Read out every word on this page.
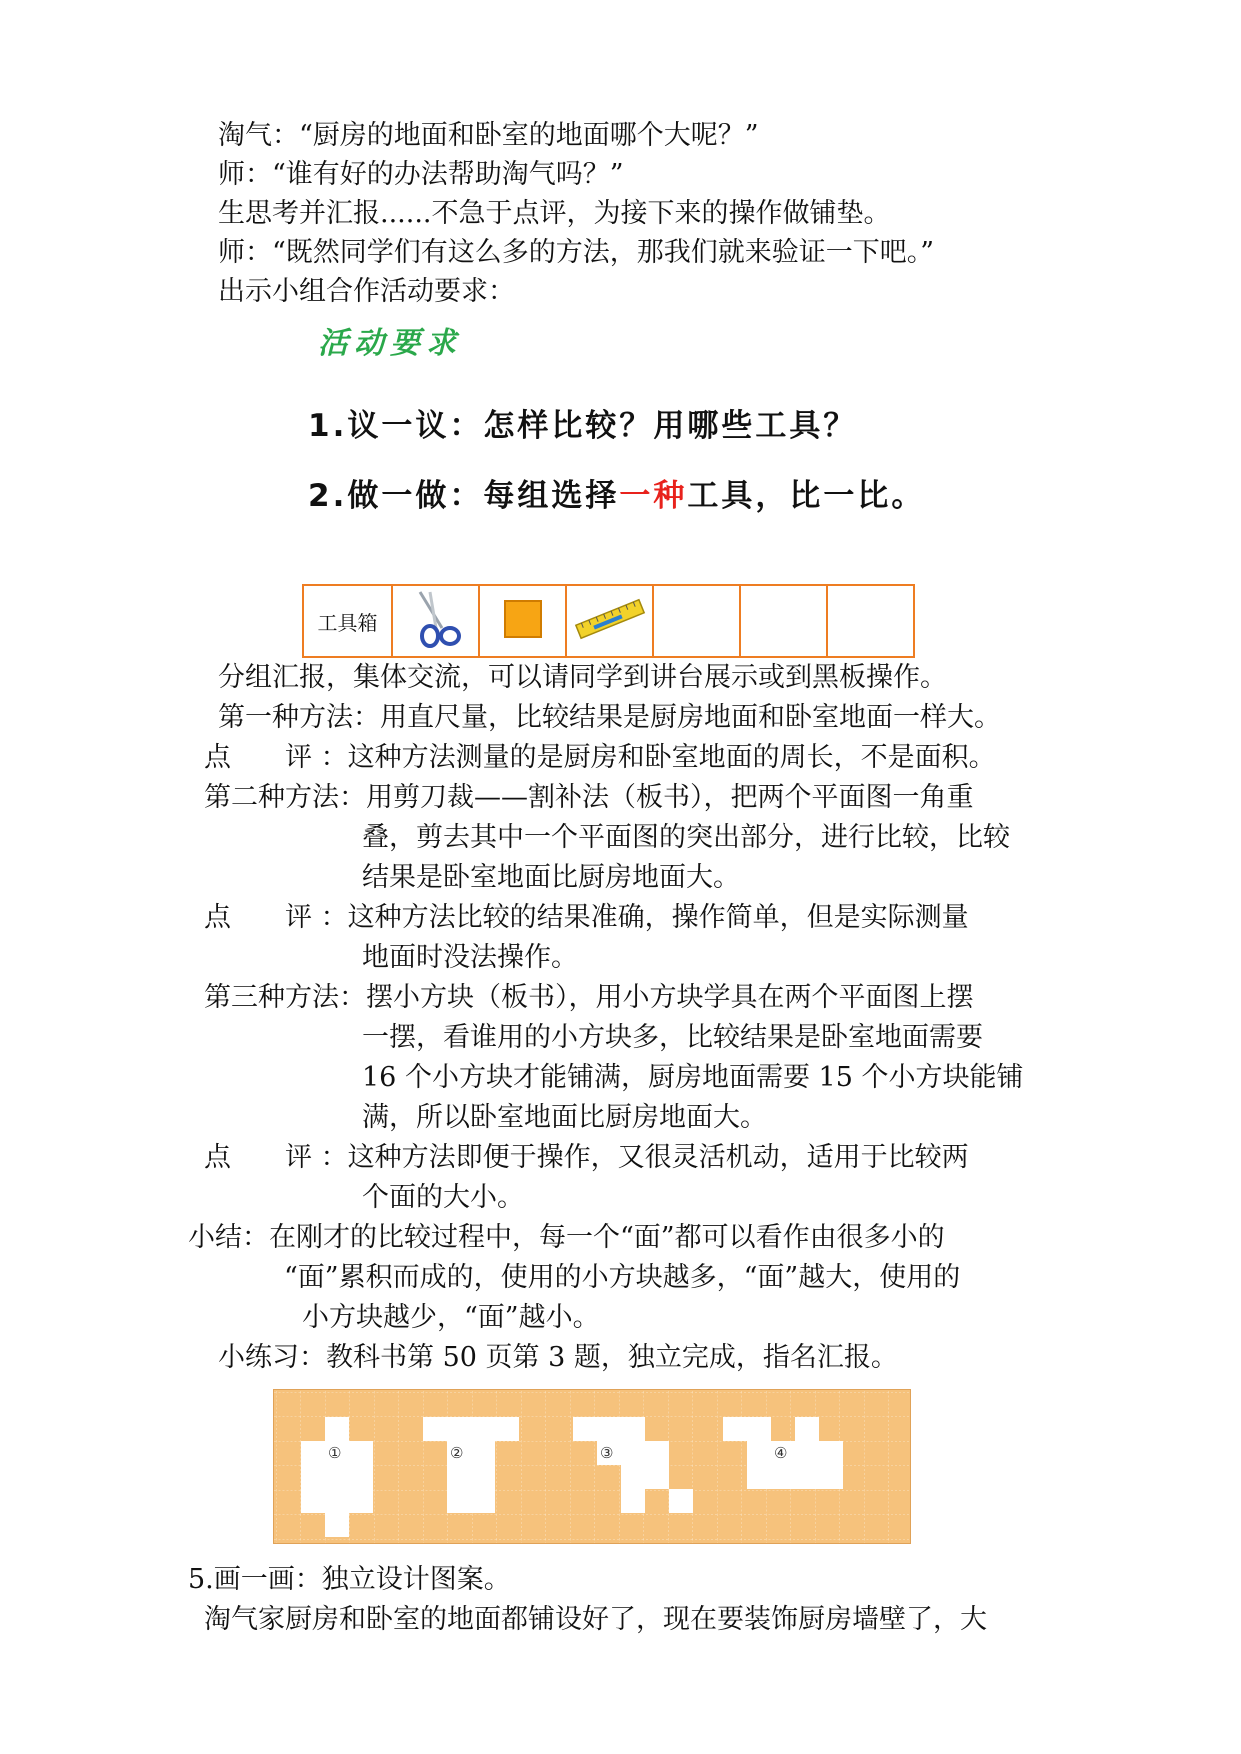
淘气：“厨房的地面和卧室的地面哪个大呢？”
师：“谁有好的办法帮助淘气吗？”
生思考并汇报......不急于点评，为接下来的操作做铺垫。
师：“既然同学们有这么多的方法，那我们就来验证一下吧。”
出示小组合作活动要求：
活动要求
1.议一议：怎样比较？用哪些工具？
2.做一做：每组选择一种工具，比一比。
工具箱						
分组汇报，集体交流，可以请同学到讲台展示或到黑板操作。
第一种方法：用直尺量，比较结果是厨房地面和卧室地面一样大。
点　　评 ：这种方法测量的是厨房和卧室地面的周长，不是面积。
第二种方法：用剪刀裁——割补法（板书），把两个平面图一角重
叠，剪去其中一个平面图的突出部分，进行比较，比较
结果是卧室地面比厨房地面大。
点　　评 ：这种方法比较的结果准确，操作简单，但是实际测量
地面时没法操作。
第三种方法：摆小方块（板书），用小方块学具在两个平面图上摆
一摆，看谁用的小方块多，比较结果是卧室地面需要
16 个小方块才能铺满，厨房地面需要 15 个小方块能铺
满，所以卧室地面比厨房地面大。
点　　评 ：这种方法即便于操作，又很灵活机动，适用于比较两
个面的大小。
小结：在刚才的比较过程中，每一个“面”都可以看作由很多小的
“面”累积而成的，使用的小方块越多，“面”越大，使用的
小方块越少，“面”越小。
小练习：教科书第 50 页第 3 题，独立完成，指名汇报。
①	②	③	④
5.画一画：独立设计图案。
淘气家厨房和卧室的地面都铺设好了，现在要装饰厨房墙壁了，大
